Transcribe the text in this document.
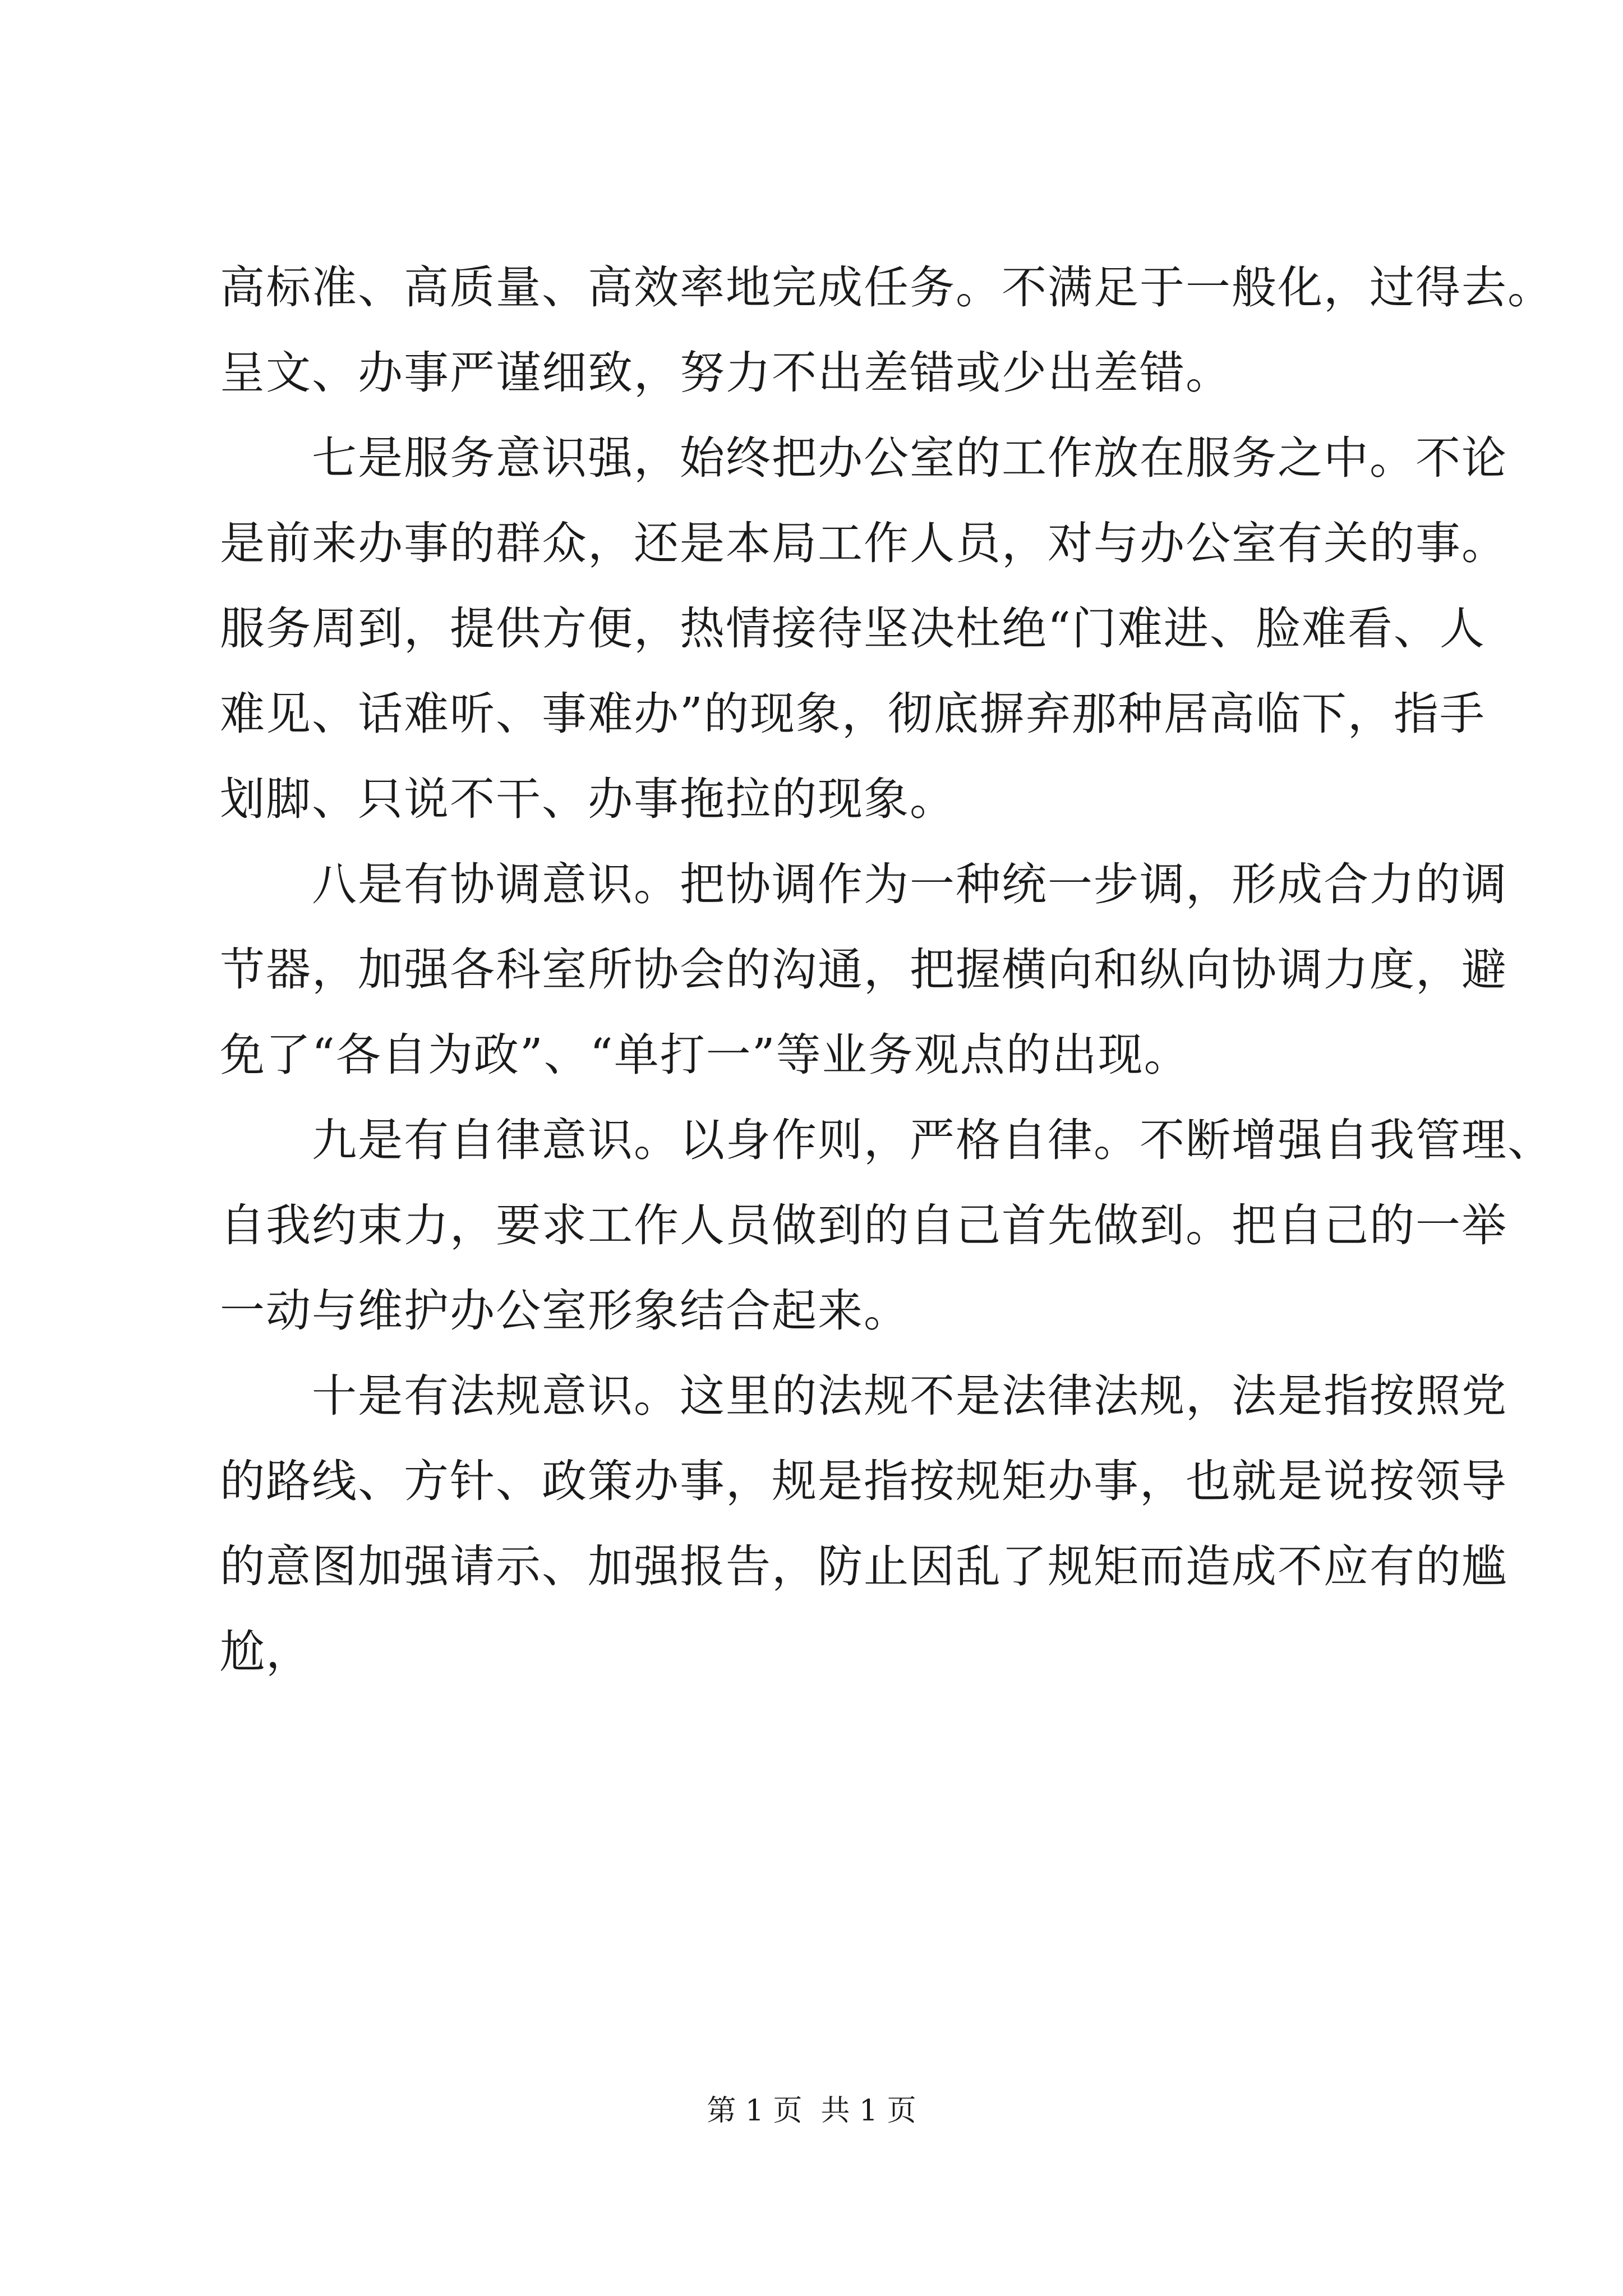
高标准、高质量、高效率地完成任务。不满足于一般化，过得去。
呈文、办事严谨细致，努力不出差错或少出差错。

七是服务意识强，始终把办公室的工作放在服务之中。不论
是前来办事的群众，还是本局工作人员，对与办公室有关的事。
服务周到，提供方便，热情接待坚决杜绝“门难进、脸难看、人
难见、话难听、事难办”的现象，彻底摒弃那种居高临下，指手
划脚、只说不干、办事拖拉的现象。

八是有协调意识。把协调作为一种统一步调，形成合力的调
节器，加强各科室所协会的沟通，把握横向和纵向协调力度，避
免了“各自为政”、“单打一”等业务观点的出现。

九是有自律意识。以身作则，严格自律。不断增强自我管理、
自我约束力，要求工作人员做到的自己首先做到。把自己的一举
一动与维护办公室形象结合起来。

十是有法规意识。这里的法规不是法律法规，法是指按照党
的路线、方针、政策办事，规是指按规矩办事，也就是说按领导
的意图加强请示、加强报告，防止因乱了规矩而造成不应有的尴
尬，

第 1 页  共 1 页
